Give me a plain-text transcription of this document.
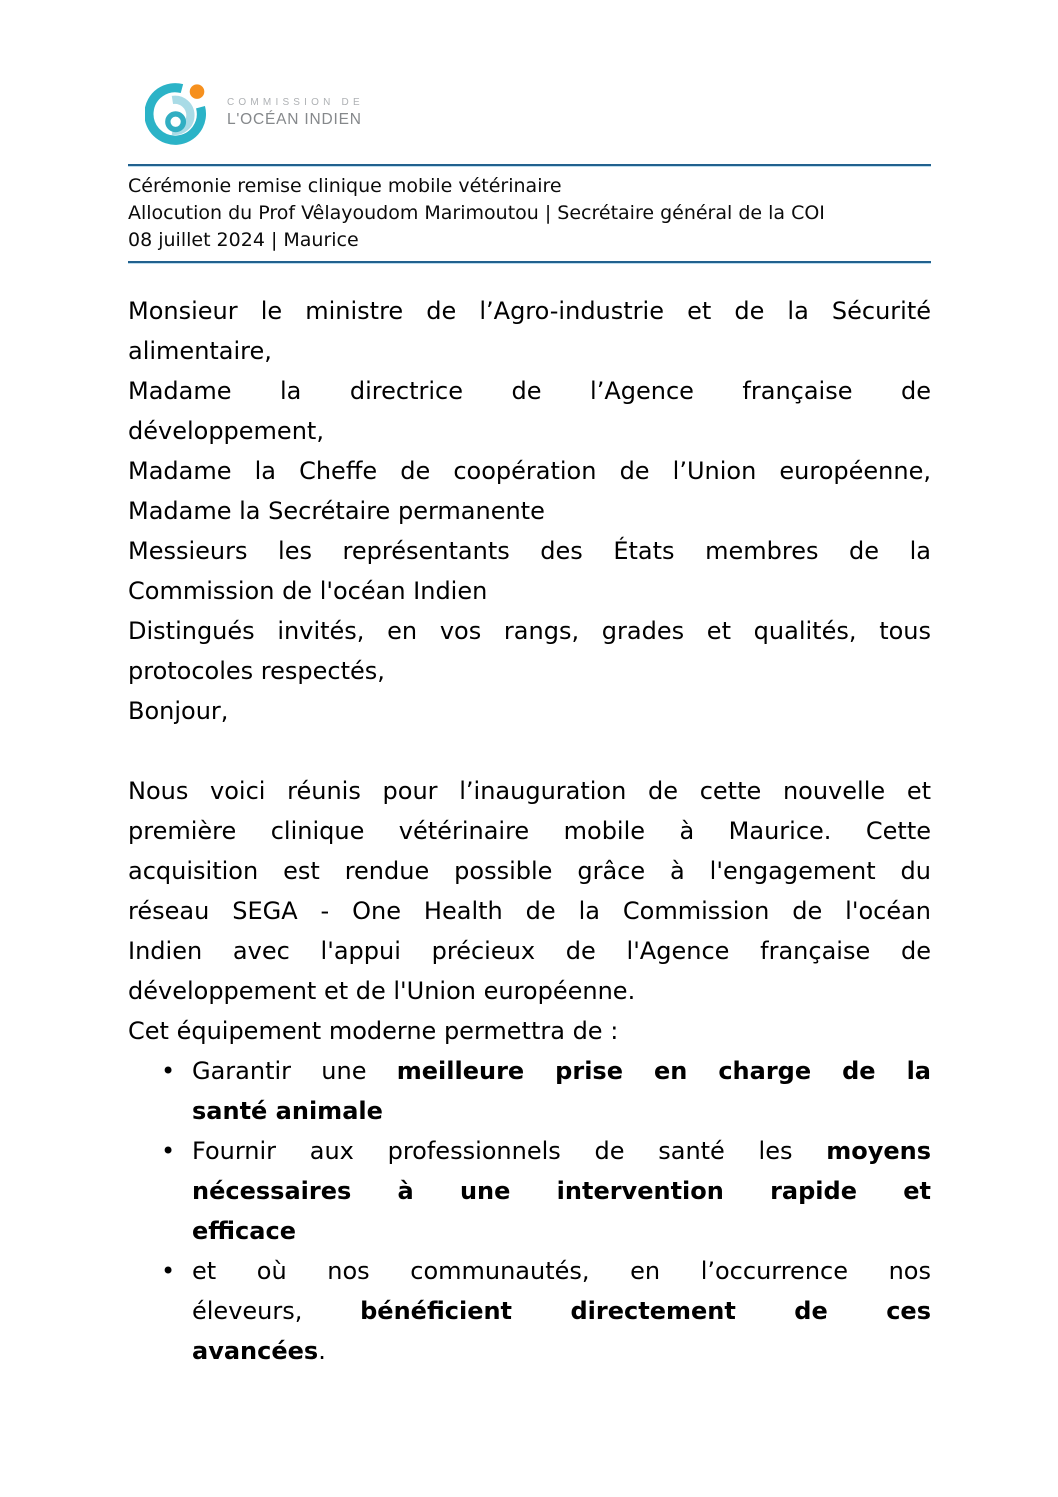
COMMISSION DE
L'OCÉAN INDIEN
Cérémonie remise clinique mobile vétérinaire
Allocution du Prof Vêlayoudom Marimoutou | Secrétaire général de la COI
08 juillet 2024 | Maurice
Monsieur le ministre de l’Agro-industrie et de la Sécurité
alimentaire,
Madame la directrice de l’Agence française de
développement,
Madame la Cheffe de coopération de l’Union européenne,
Madame la Secrétaire permanente
Messieurs les représentants des États membres de la
Commission de l'océan Indien
Distingués invités, en vos rangs, grades et qualités, tous
protocoles respectés,
Bonjour,
Nous voici réunis pour l’inauguration de cette nouvelle et
première clinique vétérinaire mobile à Maurice. Cette
acquisition est rendue possible grâce à l'engagement du
réseau SEGA - One Health de la Commission de l'océan
Indien avec l'appui précieux de l'Agence française de
développement et de l'Union européenne.
Cet équipement moderne permettra de :
• Garantir une meilleure prise en charge de la
santé animale
• Fournir aux professionnels de santé les moyens
nécessaires à une intervention rapide et
efficace
• et où nos communautés, en l’occurrence nos
éleveurs, bénéficient directement de ces
avancées.
